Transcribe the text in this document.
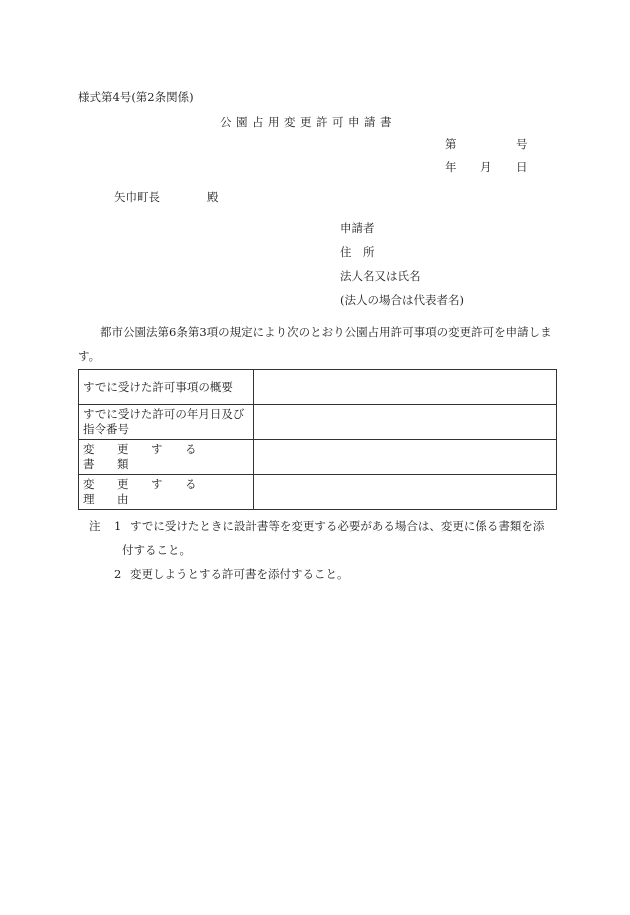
様式第4号(第2条関係)
公園占用変更許可申請書
第	号
年 月 日
矢巾町長	殿
申請者
住　所
法人名又は氏名
(法人の場合は代表者名)
都市公園法第6条第3項の規定により次のとおり公園占用許可事項の変更許可を申請します。
すでに受けた許可事項の概要	
すでに受けた許可の年月日及び指令番号	
変更する書類	
変更する理由	
注 1 すでに受けたときに設計書等を変更する必要がある場合は、変更に係る書類を添
付すること。
2 変更しようとする許可書を添付すること。
